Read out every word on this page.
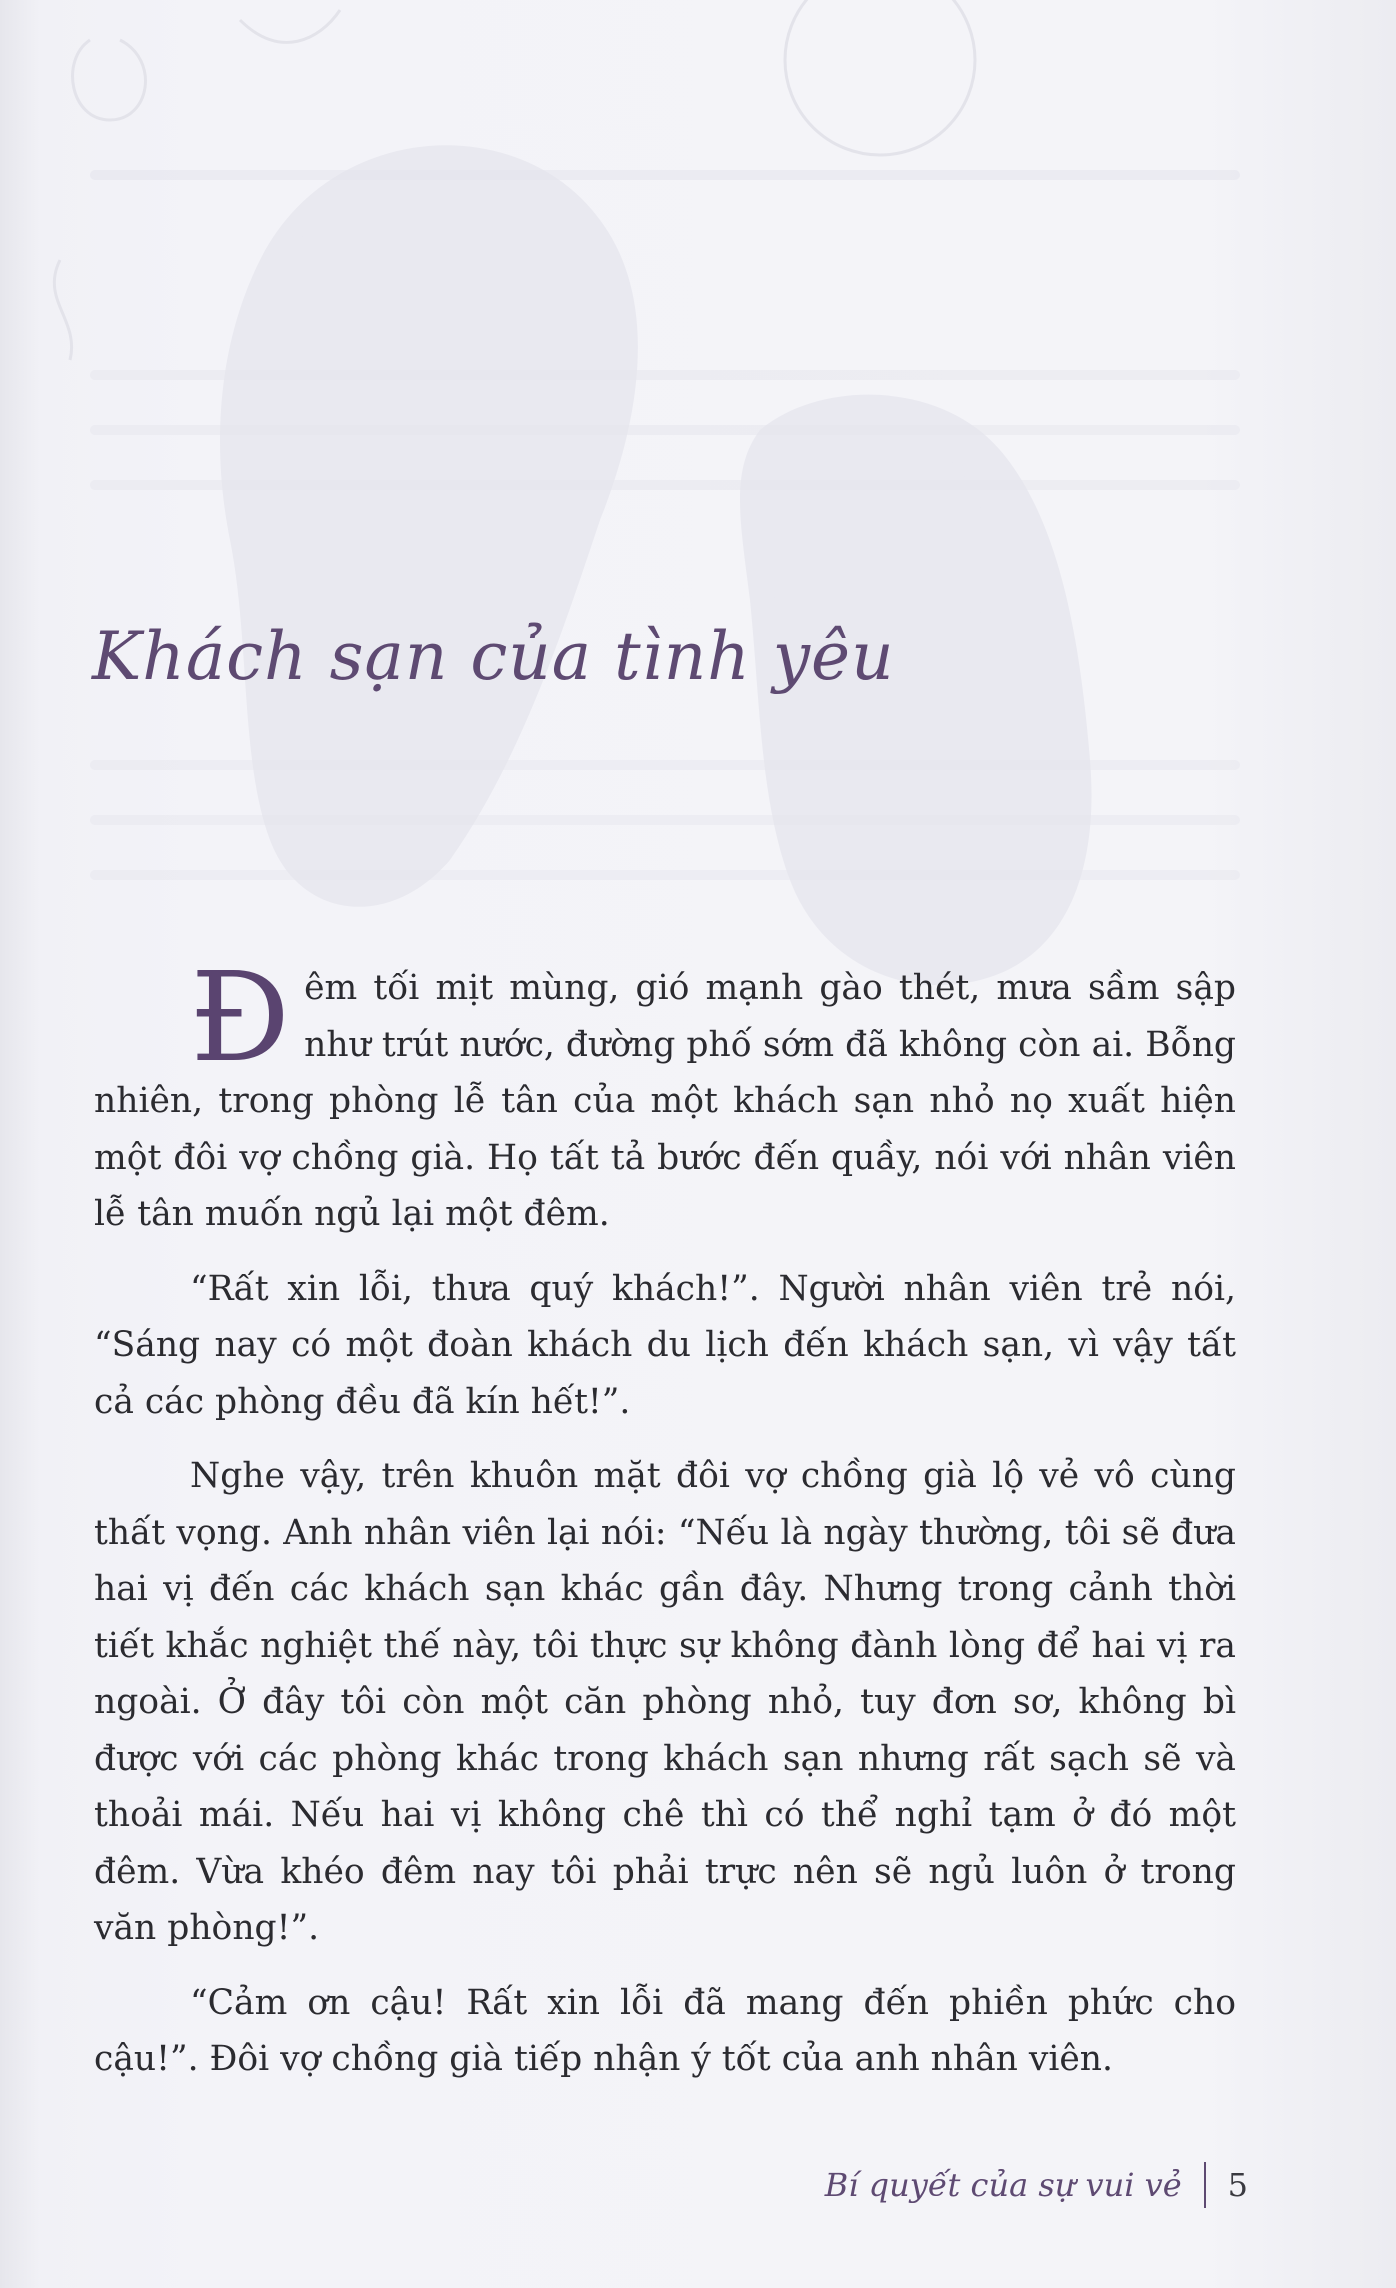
Khách sạn của tình yêu

Đêm tối mịt mùng, gió mạnh gào thét, mưa sầm sập như trút nước, đường phố sớm đã không còn ai. Bỗng nhiên, trong phòng lễ tân của một khách sạn nhỏ nọ xuất hiện một đôi vợ chồng già. Họ tất tả bước đến quầy, nói với nhân viên lễ tân muốn ngủ lại một đêm.

“Rất xin lỗi, thưa quý khách!”. Người nhân viên trẻ nói, “Sáng nay có một đoàn khách du lịch đến khách sạn, vì vậy tất cả các phòng đều đã kín hết!”.

Nghe vậy, trên khuôn mặt đôi vợ chồng già lộ vẻ vô cùng thất vọng. Anh nhân viên lại nói: “Nếu là ngày thường, tôi sẽ đưa hai vị đến các khách sạn khác gần đây. Nhưng trong cảnh thời tiết khắc nghiệt thế này, tôi thực sự không đành lòng để hai vị ra ngoài. Ở đây tôi còn một căn phòng nhỏ, tuy đơn sơ, không bì được với các phòng khác trong khách sạn nhưng rất sạch sẽ và thoải mái. Nếu hai vị không chê thì có thể nghỉ tạm ở đó một đêm. Vừa khéo đêm nay tôi phải trực nên sẽ ngủ luôn ở trong văn phòng!”.

“Cảm ơn cậu! Rất xin lỗi đã mang đến phiền phức cho cậu!”. Đôi vợ chồng già tiếp nhận ý tốt của anh nhân viên.

Bí quyết của sự vui vẻ 5
